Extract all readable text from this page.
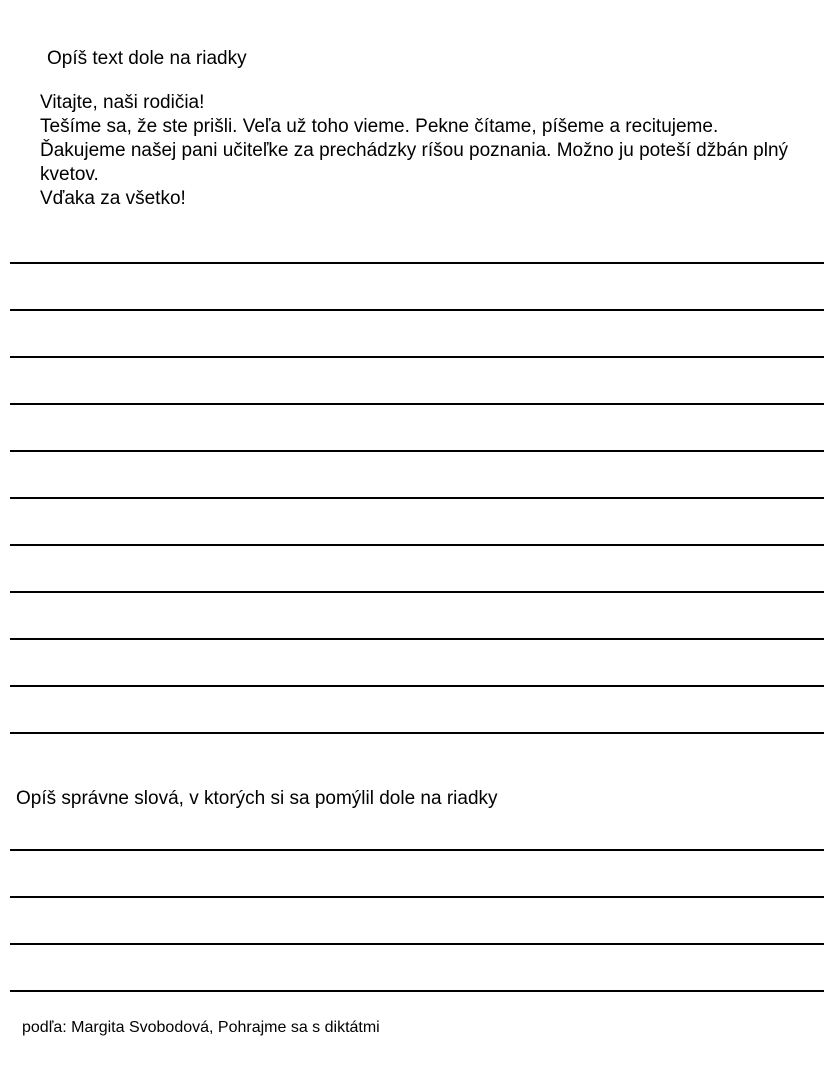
Opíš text dole na riadky
Vitajte, naši rodičia!
Tešíme sa, že ste prišli. Veľa už toho vieme. Pekne čítame, píšeme a recitujeme.
Ďakujeme našej pani učiteľke za prechádzky ríšou poznania. Možno ju poteší džbán plný kvetov.
Vďaka za všetko!
Opíš správne slová, v ktorých si sa pomýlil dole na riadky
podľa: Margita Svobodová, Pohrajme sa s diktátmi
